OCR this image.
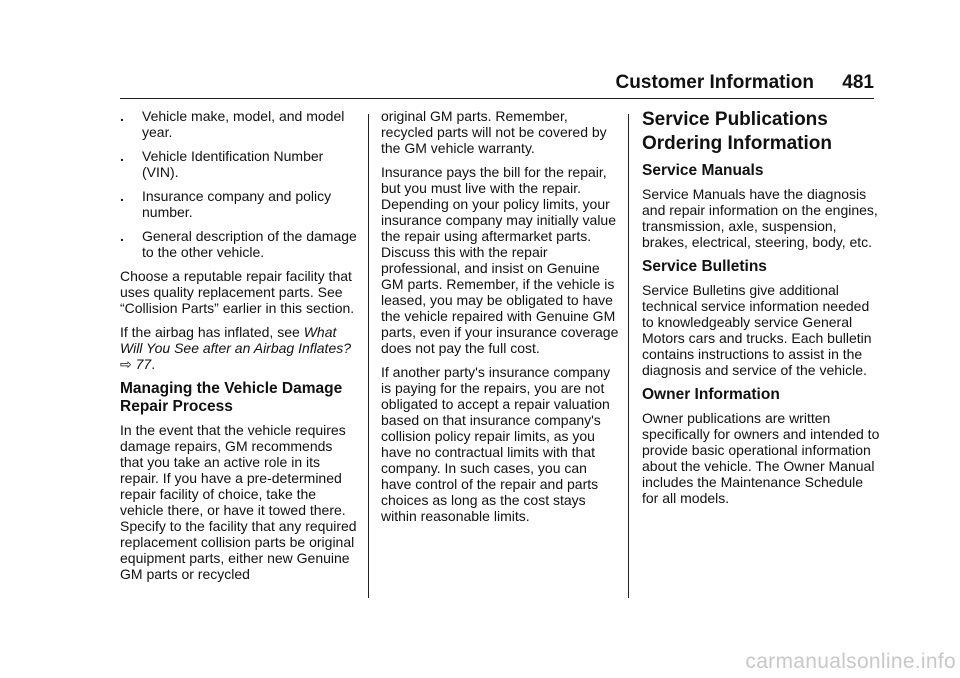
Customer Information 481
. Vehicle make, model, and model year.
. Vehicle Identification Number (VIN).
. Insurance company and policy number.
. General description of the damage to the other vehicle.

Choose a reputable repair facility that uses quality replacement parts. See “Collision Parts” earlier in this section.

If the airbag has inflated, see What Will You See after an Airbag Inflates? ⇨ 77.

Managing the Vehicle Damage Repair Process

In the event that the vehicle requires damage repairs, GM recommends that you take an active role in its repair. If you have a pre-determined repair facility of choice, take the vehicle there, or have it towed there. Specify to the facility that any required replacement collision parts be original equipment parts, either new Genuine GM parts or recycled

original GM parts. Remember, recycled parts will not be covered by the GM vehicle warranty.

Insurance pays the bill for the repair, but you must live with the repair. Depending on your policy limits, your insurance company may initially value the repair using aftermarket parts. Discuss this with the repair professional, and insist on Genuine GM parts. Remember, if the vehicle is leased, you may be obligated to have the vehicle repaired with Genuine GM parts, even if your insurance coverage does not pay the full cost.

If another party's insurance company is paying for the repairs, you are not obligated to accept a repair valuation based on that insurance company's collision policy repair limits, as you have no contractual limits with that company. In such cases, you can have control of the repair and parts choices as long as the cost stays within reasonable limits.

Service Publications Ordering Information
Service Manuals

Service Manuals have the diagnosis and repair information on the engines, transmission, axle, suspension, brakes, electrical, steering, body, etc.

Service Bulletins

Service Bulletins give additional technical service information needed to knowledgeably service General Motors cars and trucks. Each bulletin contains instructions to assist in the diagnosis and service of the vehicle.

Owner Information

Owner publications are written specifically for owners and intended to provide basic operational information about the vehicle. The Owner Manual includes the Maintenance Schedule for all models.

carmanualsonline.info
